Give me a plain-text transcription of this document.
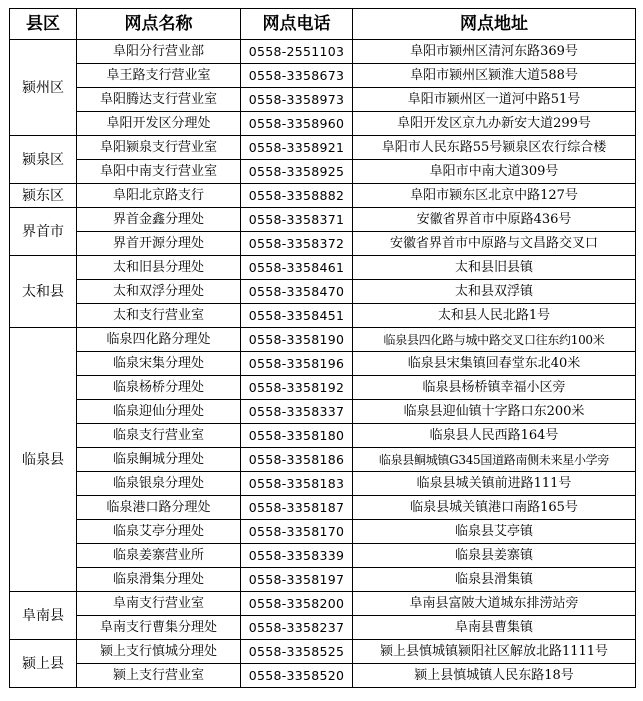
县区	网点名称	网点电话	网点地址
颍州区	阜阳分行营业部	0558-2551103	阜阳市颍州区清河东路369号
	阜王路支行营业室	0558-3358673	阜阳市颍州区颍淮大道588号
	阜阳腾达支行营业室	0558-3358973	阜阳市颍州区一道河中路51号
	阜阳开发区分理处	0558-3358960	阜阳开发区京九办新安大道299号
颍泉区	阜阳颍泉支行营业室	0558-3358921	阜阳市人民东路55号颍泉区农行综合楼
	阜阳中南支行营业室	0558-3358925	阜阳市中南大道309号
颍东区	阜阳北京路支行	0558-3358882	阜阳市颍东区北京中路127号
界首市	界首金鑫分理处	0558-3358371	安徽省界首市中原路436号
	界首开源分理处	0558-3358372	安徽省界首市中原路与文昌路交叉口
太和县	太和旧县分理处	0558-3358461	太和县旧县镇
	太和双浮分理处	0558-3358470	太和县双浮镇
	太和支行营业室	0558-3358451	太和县人民北路1号
临泉县	临泉四化路分理处	0558-3358190	临泉县四化路与城中路交叉口往东约100米
	临泉宋集分理处	0558-3358196	临泉县宋集镇回春堂东北40米
	临泉杨桥分理处	0558-3358192	临泉县杨桥镇幸福小区旁
	临泉迎仙分理处	0558-3358337	临泉县迎仙镇十字路口东200米
	临泉支行营业室	0558-3358180	临泉县人民西路164号
	临泉鲖城分理处	0558-3358186	临泉县鲖城镇G345国道路南侧未来星小学旁
	临泉银泉分理处	0558-3358183	临泉县城关镇前进路111号
	临泉港口路分理处	0558-3358187	临泉县城关镇港口南路165号
	临泉艾亭分理处	0558-3358170	临泉县艾亭镇
	临泉姜寨营业所	0558-3358339	临泉县姜寨镇
	临泉滑集分理处	0558-3358197	临泉县滑集镇
阜南县	阜南支行营业室	0558-3358200	阜南县富陂大道城东排涝站旁
	阜南支行曹集分理处	0558-3358237	阜南县曹集镇
颍上县	颍上支行慎城分理处	0558-3358525	颍上县慎城镇颍阳社区解放北路1111号
	颍上支行营业室	0558-3358520	颍上县慎城镇人民东路18号
